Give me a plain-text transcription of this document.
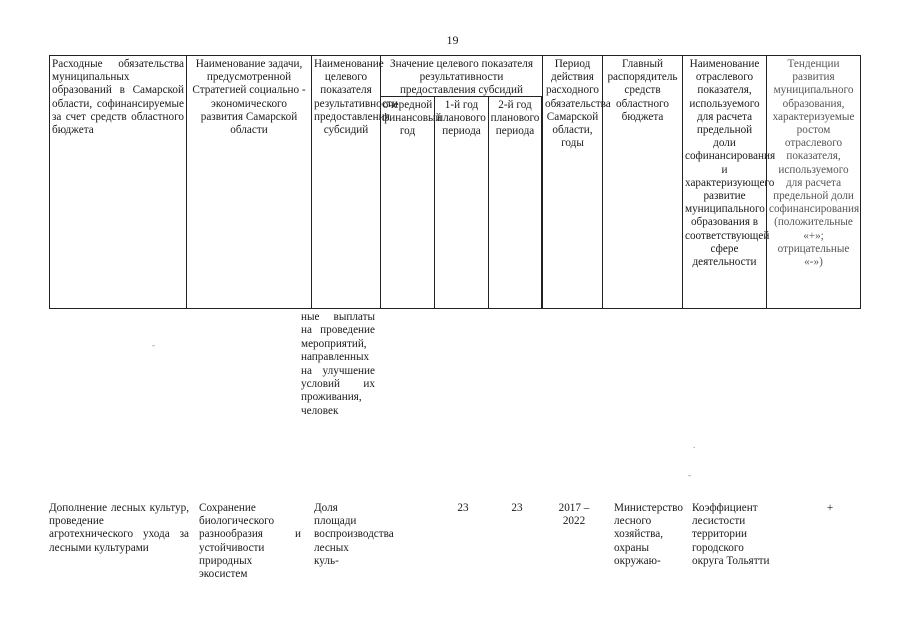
19
Расходные обязательства муниципальных образований в Самарской области, софинансируемые за счет средств областного бюджета
Наименование задачи, предусмотренной Стратегией социально - экономического развития Самарской области
Наименование целевого показателя результативности предоставления субсидий
Значение целевого показателя результативности предоставления субсидий
очередной финансовый год
1-й год планового периода
2-й год планового периода
Период действия расходного обязательства Самарской области, годы
Главный распорядитель средств областного бюджета
Наименование отраслевого показателя, используемого для расчета предельной доли софинансирования и характеризующего развитие муниципального образования в соответствующей сфере деятельности
Тенденции развития муниципального образования, характеризуемые ростом отраслевого показателя, используемого для расчета предельной доли софинансирования (положительные «+»; отрицательные «-»)
ные выплаты на проведение мероприятий, направленных на улучшение условий их проживания, человек
Дополнение лесных культур, проведение агротехнического ухода за лесными культурами
Сохранение биологического разнообразия и устойчивости природных экосистем
Доля площади воспроизводства лесных куль-
23	23	2017 – 2022
Министерство лесного хозяйства, охраны окружаю-
Коэффициент лесистости территории городского округа Тольятти
+
-
.
-
